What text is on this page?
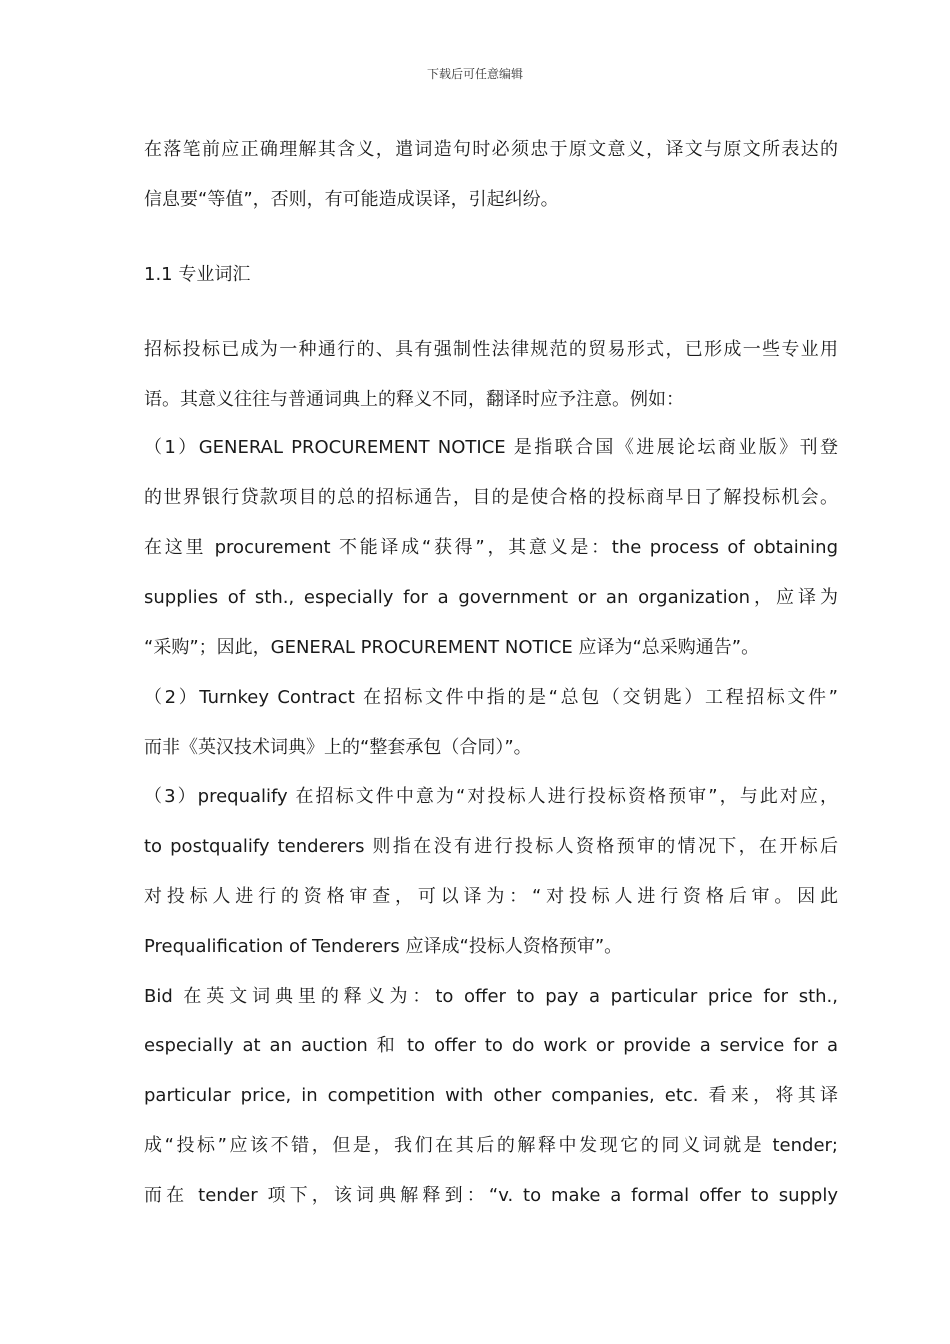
下载后可任意编辑
在落笔前应正确理解其含义，遣词造句时必须忠于原文意义，译文与原文所表达的
信息要“等值”，否则，有可能造成误译，引起纠纷。
1.1 专业词汇
招标投标已成为一种通行的、具有强制性法律规范的贸易形式，已形成一些专业用
语。其意义往往与普通词典上的释义不同，翻译时应予注意。例如：
（1）GENERAL PROCUREMENT NOTICE 是指联合国《进展论坛商业版》刊登
的世界银行贷款项目的总的招标通告，目的是使合格的投标商早日了解投标机会。
在这里 procurement 不能译成“获得”，其意义是：the process of obtaining
supplies of sth., especially for a government or an organization，应译为
“采购”；因此，GENERAL PROCUREMENT NOTICE 应译为“总采购通告”。
（2）Turnkey Contract 在招标文件中指的是“总包（交钥匙）工程招标文件”
而非《英汉技术词典》上的“整套承包（合同）”。
（3）prequalify 在招标文件中意为“对投标人进行投标资格预审”，与此对应，
to postqualify tenderers 则指在没有进行投标人资格预审的情况下，在开标后
对投标人进行的资格审查，可以译为：“对投标人进行资格后审。因此
Prequalification of Tenderers 应译成“投标人资格预审”。
Bid 在英文词典里的释义为：to offer to pay a particular price for sth.,
especially at an auction 和 to offer to do work or provide a service for a
particular price, in competition with other companies, etc. 看来，将其译
成“投标”应该不错，但是，我们在其后的解释中发现它的同义词就是 tender;
而在 tender 项下，该词典解释到：“v. to make a formal offer to supply
